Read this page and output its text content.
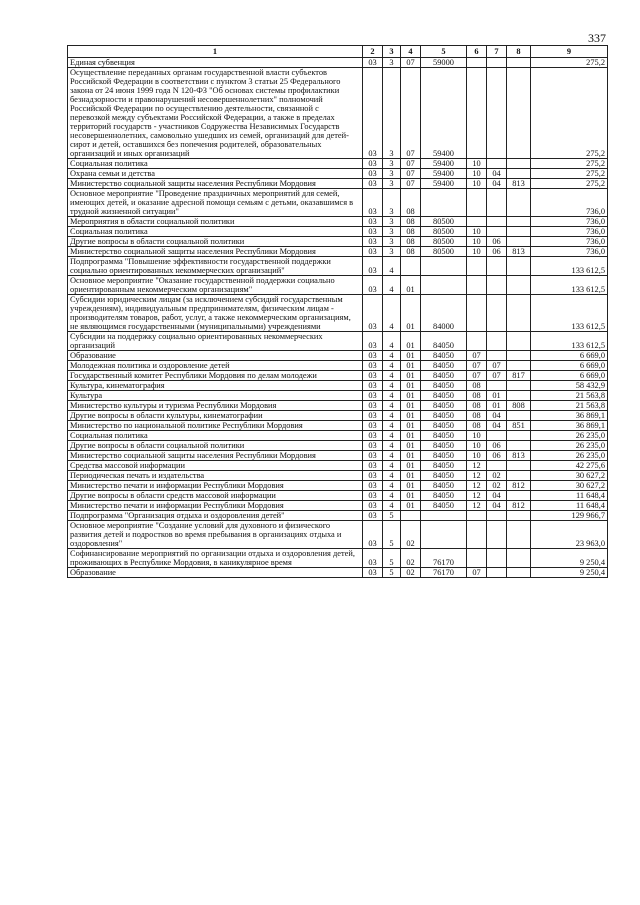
337
1	2	3	4	5	6	7	8	9
Единая субвенция	03	3	07	59000				275,2
Осуществление переданных органам государственной власти субъектов Российской Федерации в соответствии с пунктом 3 статьи 25 Федерального закона от 24 июня 1999 года N 120-ФЗ "Об основах системы профилактики безнадзорности и правонарушений несовершеннолетних" полномочий Российской Федерации по осуществлению деятельности, связанной с перевозкой между субъектами Российской Федерации, а также в пределах территорий государств - участников Содружества Независимых Государств несовершеннолетних, самовольно ушедших из семей, организаций для детей-сирот и детей, оставшихся без попечения родителей, образовательных организаций и иных организаций	03	3	07	59400				275,2
Социальная политика	03	3	07	59400	10			275,2
Охрана семьи и детства	03	3	07	59400	10	04		275,2
Министерство социальной защиты населения Республики Мордовия	03	3	07	59400	10	04	813	275,2
Основное мероприятие "Проведение праздничных мероприятий для семей, имеющих детей, и оказание адресной помощи семьям с детьми, оказавшимся в трудной жизненной ситуации"	03	3	08					736,0
Мероприятия в области социальной политики	03	3	08	80500				736,0
Социальная политика	03	3	08	80500	10			736,0
Другие вопросы в области социальной политики	03	3	08	80500	10	06		736,0
Министерство социальной защиты населения Республики Мордовия	03	3	08	80500	10	06	813	736,0
Подпрограмма "Повышение эффективности государственной поддержки социально ориентированных некоммерческих организаций"	03	4						133 612,5
Основное мероприятие "Оказание государственной поддержки социально ориентированным некоммерческим организациям"	03	4	01					133 612,5
Субсидии юридическим лицам (за исключением субсидий государственным учреждениям), индивидуальным предпринимателям, физическим лицам - производителям товаров, работ, услуг, а также некоммерческим организациям, не являющимся государственными (муниципальными) учреждениями	03	4	01	84000				133 612,5
Субсидии на поддержку социально ориентированных некоммерческих организаций	03	4	01	84050				133 612,5
Образование	03	4	01	84050	07			6 669,0
Молодежная политика и оздоровление детей	03	4	01	84050	07	07		6 669,0
Государственный комитет Республики Мордовия по делам молодежи	03	4	01	84050	07	07	817	6 669,0
Культура, кинематография	03	4	01	84050	08			58 432,9
Культура	03	4	01	84050	08	01		21 563,8
Министерство культуры и туризма Республики Мордовия	03	4	01	84050	08	01	808	21 563,8
Другие вопросы в области культуры, кинематографии	03	4	01	84050	08	04		36 869,1
Министерство по национальной политике Республики Мордовия	03	4	01	84050	08	04	851	36 869,1
Социальная политика	03	4	01	84050	10			26 235,0
Другие вопросы в области социальной политики	03	4	01	84050	10	06		26 235,0
Министерство социальной защиты населения Республики Мордовия	03	4	01	84050	10	06	813	26 235,0
Средства массовой информации	03	4	01	84050	12			42 275,6
Периодическая печать и издательства	03	4	01	84050	12	02		30 627,2
Министерство печати и информации Республики Мордовия	03	4	01	84050	12	02	812	30 627,2
Другие вопросы в области средств массовой информации	03	4	01	84050	12	04		11 648,4
Министерство печати и информации Республики Мордовия	03	4	01	84050	12	04	812	11 648,4
Подпрограмма "Организация отдыха и оздоровления детей"	03	5						129 966,7
Основное мероприятие "Создание условий для духовного и физического развития детей и подростков во время пребывания в организациях отдыха и оздоровления"	03	5	02					23 963,0
Софинансирование мероприятий по организации отдыха и оздоровления детей, проживающих в Республике Мордовия, в каникулярное время	03	5	02	76170				9 250,4
Образование	03	5	02	76170	07			9 250,4
